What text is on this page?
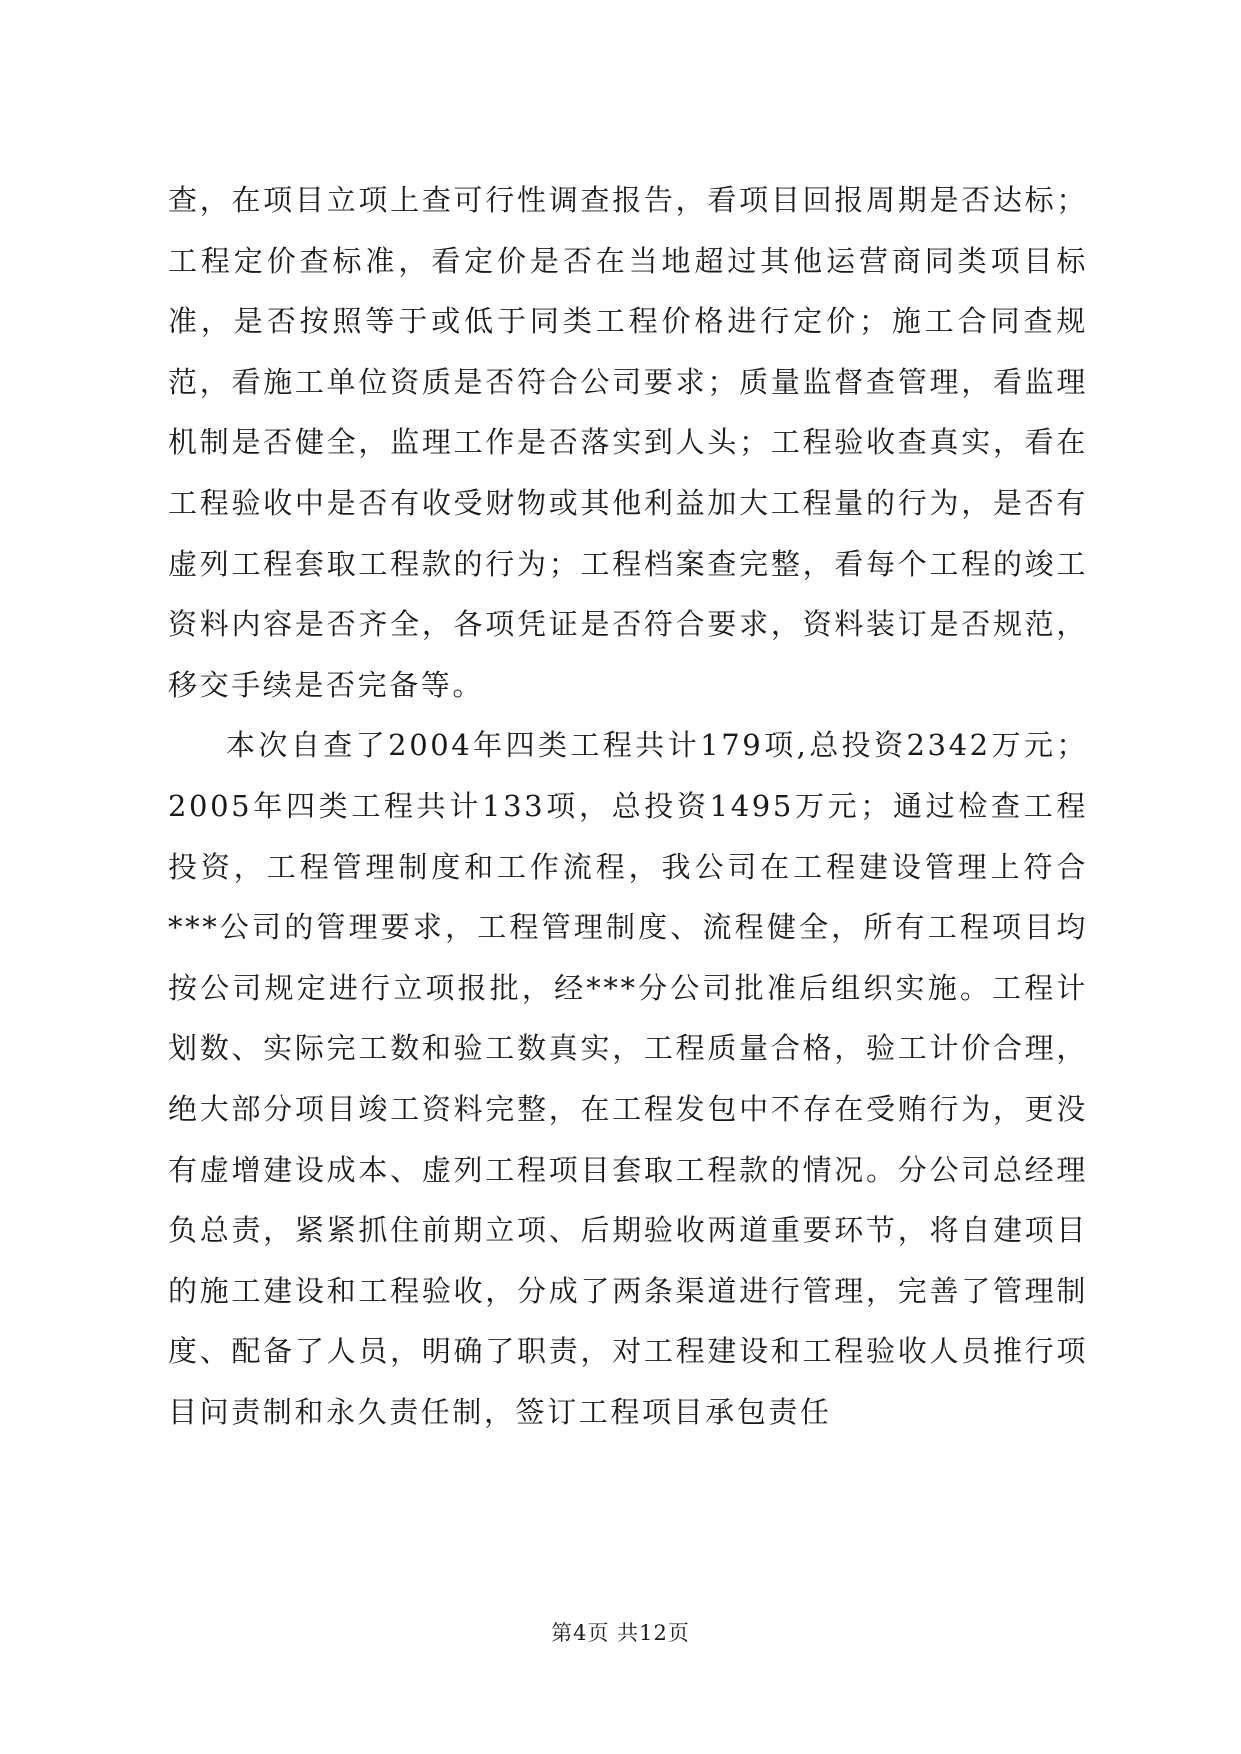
查，在项目立项上查可行性调查报告，看项目回报周期是否达标；工程定价查标准，看定价是否在当地超过其他运营商同类项目标准，是否按照等于或低于同类工程价格进行定价；施工合同查规范，看施工单位资质是否符合公司要求；质量监督查管理，看监理机制是否健全，监理工作是否落实到人头；工程验收查真实，看在工程验收中是否有收受财物或其他利益加大工程量的行为，是否有虚列工程套取工程款的行为；工程档案查完整，看每个工程的竣工资料内容是否齐全，各项凭证是否符合要求，资料装订是否规范，移交手续是否完备等。

本次自查了2004年四类工程共计179项,总投资2342万元；2005年四类工程共计133项，总投资1495万元；通过检查工程投资，工程管理制度和工作流程，我公司在工程建设管理上符合***公司的管理要求，工程管理制度、流程健全，所有工程项目均按公司规定进行立项报批，经***分公司批准后组织实施。工程计划数、实际完工数和验工数真实，工程质量合格，验工计价合理，绝大部分项目竣工资料完整，在工程发包中不存在受贿行为，更没有虚增建设成本、虚列工程项目套取工程款的情况。分公司总经理负总责，紧紧抓住前期立项、后期验收两道重要环节，将自建项目的施工建设和工程验收，分成了两条渠道进行管理，完善了管理制度、配备了人员，明确了职责，对工程建设和工程验收人员推行项目问责制和永久责任制，签订工程项目承包责任

第4页 共12页
